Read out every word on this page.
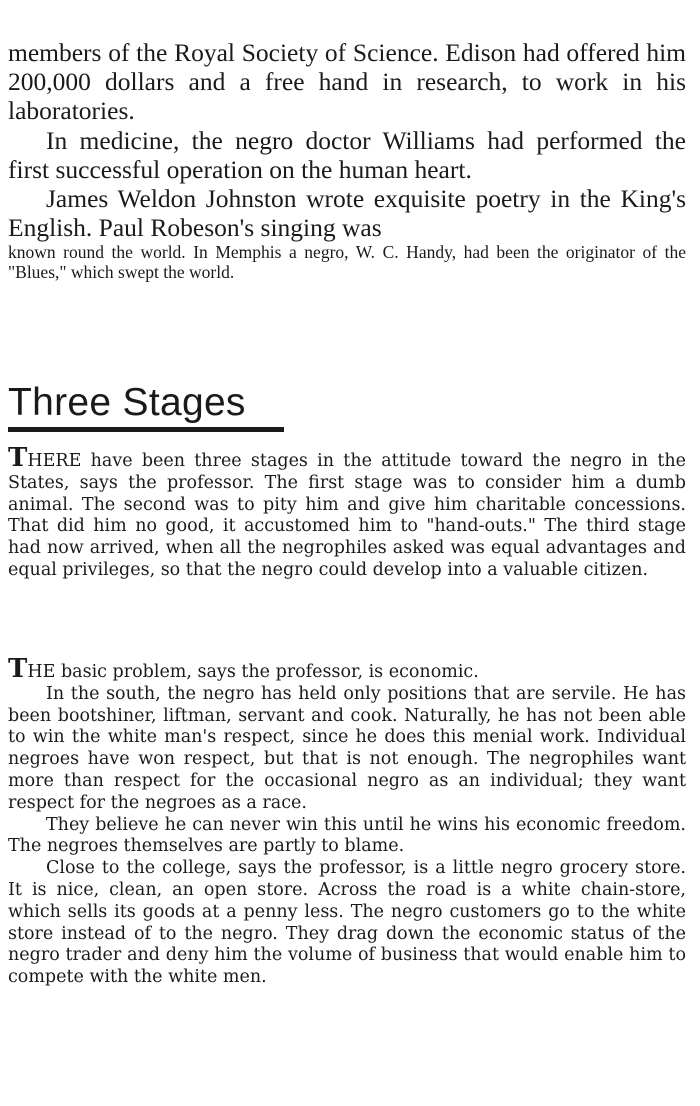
members of the Royal Society of Science. Edison had offered him 200,000 dollars and a free hand in research, to work in his laboratories.

In medicine, the negro doctor Williams had performed the first successful operation on the human heart.

James Weldon Johnston wrote exquisite poetry in the King's English. Paul Robeson's singing was

known round the world. In Memphis a negro, W. C. Handy, had been the originator of the "Blues," which swept the world.

Three Stages

THERE have been three stages in the attitude toward the negro in the States, says the professor. The first stage was to consider him a dumb animal. The second was to pity him and give him charitable concessions. That did him no good, it accustomed him to "hand-outs." The third stage had now arrived, when all the negrophiles asked was equal advantages and equal privileges, so that the negro could develop into a valuable citizen.

THE basic problem, says the professor, is economic.

In the south, the negro has held only positions that are servile. He has been bootshiner, liftman, servant and cook. Naturally, he has not been able to win the white man's respect, since he does this menial work. Individual negroes have won respect, but that is not enough. The negrophiles want more than respect for the occasional negro as an individual; they want respect for the negroes as a race.

They believe he can never win this until he wins his economic freedom. The negroes themselves are partly to blame.

Close to the college, says the professor, is a little negro grocery store. It is nice, clean, an open store. Across the road is a white chain-store, which sells its goods at a penny less. The negro customers go to the white store instead of to the negro. They drag down the economic status of the negro trader and deny him the volume of business that would enable him to compete with the white men.
